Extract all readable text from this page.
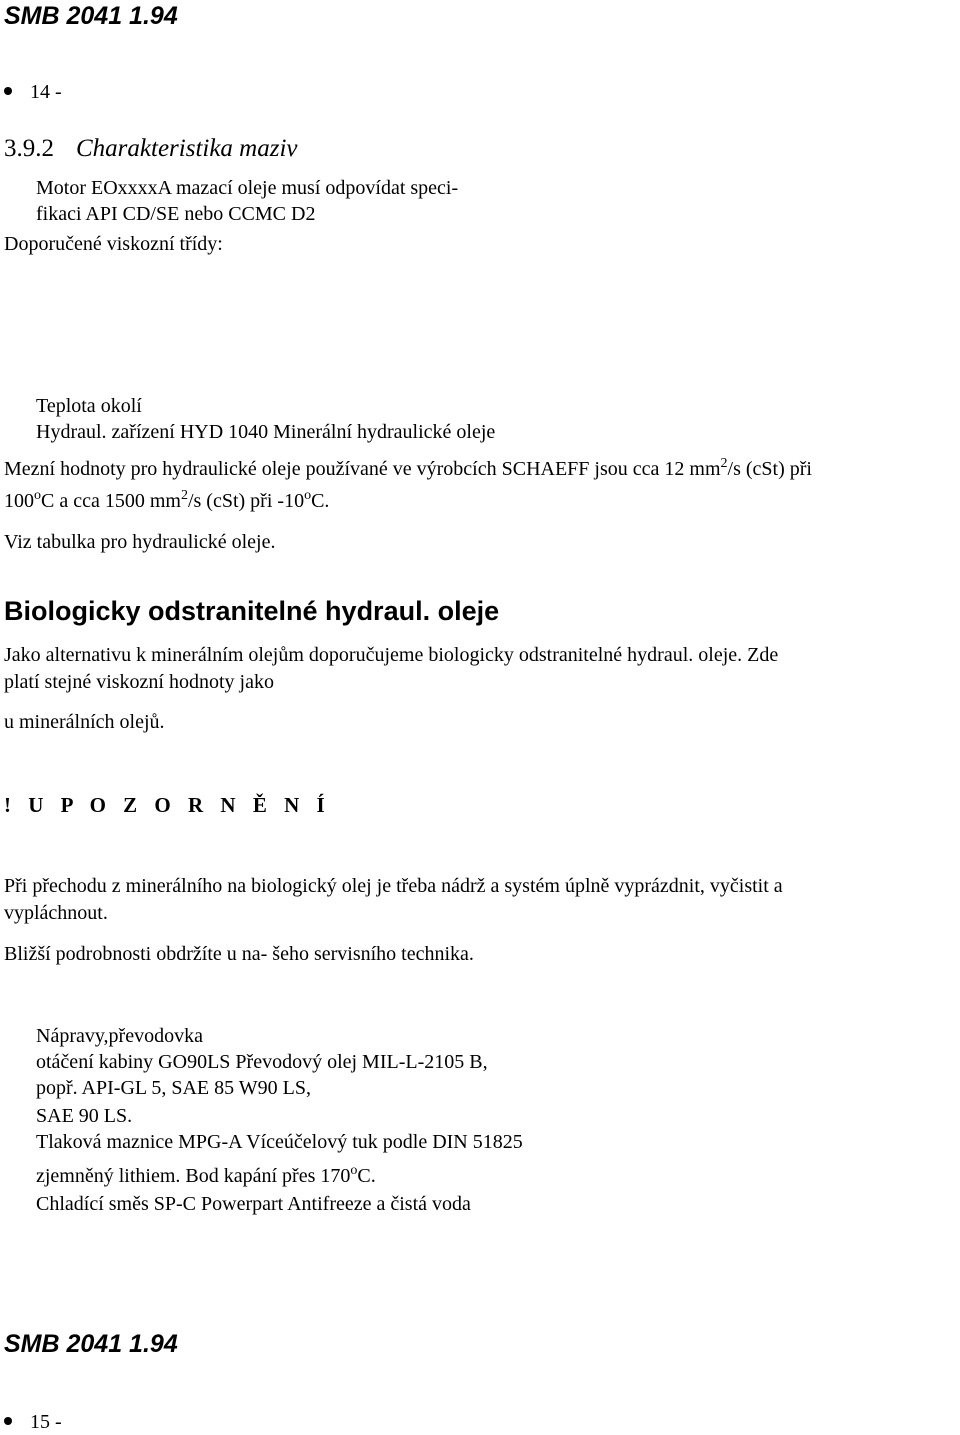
SMB 2041 1.94
14 -
3.9.2 Charakteristika maziv
Motor EOxxxxA mazací oleje musí odpovídat speci-
fikaci API CD/SE nebo CCMC D2
Doporučené viskozní třídy:
Teplota okolí
Hydraul. zařízení HYD 1040 Minerální hydraulické oleje
Mezní hodnoty pro hydraulické oleje používané ve výrobcích SCHAEFF jsou cca 12 $mm^2/s$ (cSt) při
100$^o$C a cca 1500 $mm^2/s$ (cSt) při -10$^o$C.
Viz tabulka pro hydraulické oleje.
Biologicky odstranitelné hydraul. oleje
Jako alternativu k minerálním olejům doporučujeme biologicky odstranitelné hydraul. oleje. Zde
platí stejné viskozní hodnoty jako
u minerálních olejů.
! U P O Z O R N Ě N Í
Při přechodu z minerálního na biologický olej je třeba nádrž a systém úplně vyprázdnit, vyčistit a
vypláchnout.
Bližší podrobnosti obdržíte u na- šeho servisního technika.
Nápravy,převodovka
otáčení kabiny GO90LS Převodový olej MIL-L-2105 B,
popř. API-GL 5, SAE 85 W90 LS,
SAE 90 LS.
Tlaková maznice MPG-A Víceúčelový tuk podle DIN 51825
zjemněný lithiem. Bod kapání přes 170$^o$C.
Chladící směs SP-C Powerpart Antifreeze a čistá voda
SMB 2041 1.94
15 -
